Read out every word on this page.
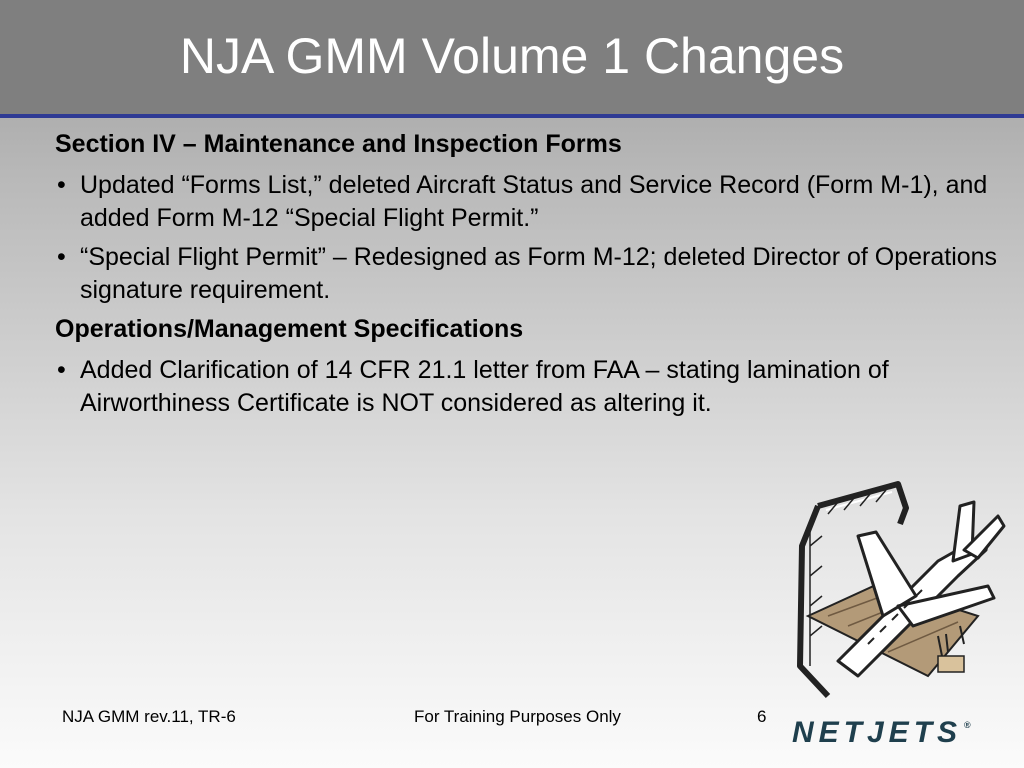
NJA GMM Volume 1 Changes

Section IV – Maintenance and Inspection Forms

• Updated “Forms List,” deleted Aircraft Status and Service Record (Form M-1), and added Form M-12 “Special Flight Permit.”
• “Special Flight Permit” – Redesigned as Form M-12; deleted Director of Operations signature requirement.

Operations/Management Specifications

• Added Clarification of 14 CFR 21.1 letter from FAA – stating lamination of Airworthiness Certificate is NOT considered as altering it.
NJA GMM rev.11, TR-6	For Training Purposes Only	6 NETJETS ®
